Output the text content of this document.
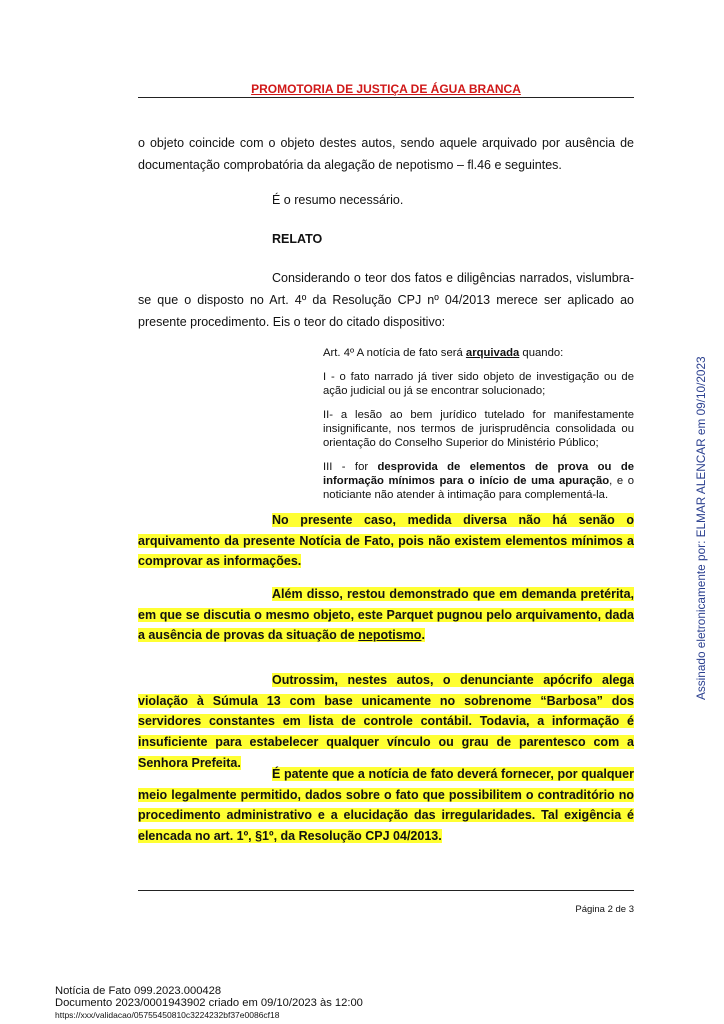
PROMOTORIA DE JUSTIÇA DE ÁGUA BRANCA
o objeto coincide com o objeto destes autos, sendo aquele arquivado por ausência de documentação comprobatória da alegação de nepotismo – fl.46 e seguintes.
É o resumo necessário.
RELATO
Considerando o teor dos fatos e diligências narrados, vislumbra-se que o disposto no Art. 4º da Resolução CPJ nº 04/2013 merece ser aplicado ao presente procedimento. Eis o teor do citado dispositivo:

Art. 4º A notícia de fato será arquivada quando:

I - o fato narrado já tiver sido objeto de investigação ou de ação judicial ou já se encontrar solucionado;

II- a lesão ao bem jurídico tutelado for manifestamente insignificante, nos termos de jurisprudência consolidada ou orientação do Conselho Superior do Ministério Público;

III - for desprovida de elementos de prova ou de informação mínimos para o início de uma apuração, e o noticiante não atender à intimação para complementá-la.

No presente caso, medida diversa não há senão o arquivamento da presente Notícia de Fato, pois não existem elementos mínimos a comprovar as informações.
Além disso, restou demonstrado que em demanda pretérita, em que se discutia o mesmo objeto, este Parquet pugnou pelo arquivamento, dada a ausência de provas da situação de nepotismo.
Outrossim, nestes autos, o denunciante apócrifo alega violação à Súmula 13 com base unicamente no sobrenome “Barbosa” dos servidores constantes em lista de controle contábil. Todavia, a informação é insuficiente para estabelecer qualquer vínculo ou grau de parentesco com a Senhora Prefeita.
É patente que a notícia de fato deverá fornecer, por qualquer meio legalmente permitido, dados sobre o fato que possibilitem o contraditório no procedimento administrativo e a elucidação das irregularidades. Tal exigência é elencada no art. 1º, §1º, da Resolução CPJ 04/2013.
Página 2 de 3
Assinado eletronicamente por: ELMAR ALENCAR em 09/10/2023
Notícia de Fato 099.2023.000428
Documento 2023/0001943902 criado em 09/10/2023 às 12:00
https://xxx/validacao/05755450810c3224232bf37e0086cf18
